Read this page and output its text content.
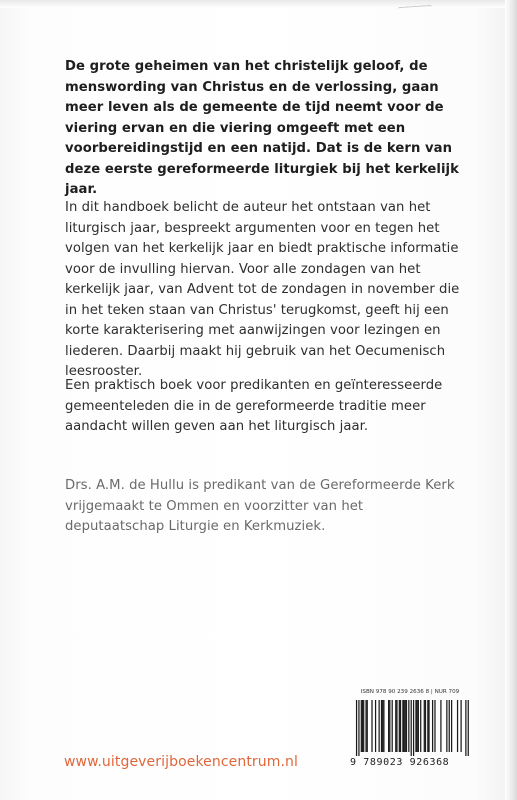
De grote geheimen van het christelijk geloof, de menswording van Christus en de verlossing, gaan meer leven als de gemeente de tijd neemt voor de viering ervan en die viering omgeeft met een voorbereidingstijd en een natijd. Dat is de kern van deze eerste gereformeerde liturgiek bij het kerkelijk jaar.

In dit handboek belicht de auteur het ontstaan van het liturgisch jaar, bespreekt argumenten voor en tegen het volgen van het kerkelijk jaar en biedt praktische informatie voor de invulling hiervan. Voor alle zondagen van het kerkelijk jaar, van Advent tot de zondagen in november die in het teken staan van Christus' terugkomst, geeft hij een korte karakterisering met aanwijzingen voor lezingen en liederen. Daarbij maakt hij gebruik van het Oecumenisch leesrooster.

Een praktisch boek voor predikanten en geïnteresseerde gemeenteleden die in de gereformeerde traditie meer aandacht willen geven aan het liturgisch jaar.

Drs. A.M. de Hullu is predikant van de Gereformeerde Kerk vrijgemaakt te Ommen en voorzitter van het deputaatschap Liturgie en Kerkmuziek.

ISBN 978 90 239 2636 8 | NUR 709
9 789023 926368
www.uitgeverijboekencentrum.nl
